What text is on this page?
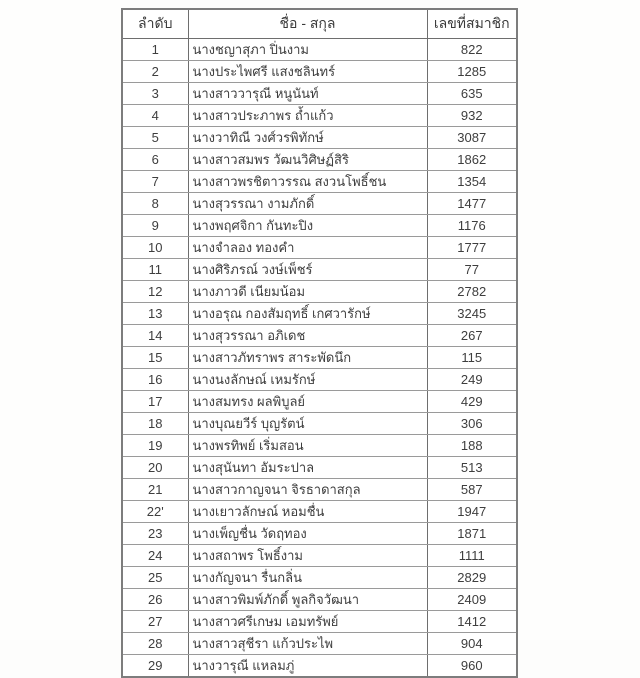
ลำดับ	ชื่อ - สกุล	เลขที่สมาชิก
1	นางชญาสุภา ปิ่นงาม	822
2	นางประไพศรี แสงชลินทร์	1285
3	นางสาววารุณี หนูนันท์	635
4	นางสาวประภาพร ถ้ำแก้ว	932
5	นางวาทิณี วงศ์วรพิทักษ์	3087
6	นางสาวสมพร วัฒนวิศิษฏ์สิริ	1862
7	นางสาวพรชิตาวรรณ สงวนโพธิ์ชน	1354
8	นางสุวรรณา งามภักดิ์	1477
9	นางพฤศจิกา กันทะปิง	1176
10	นางจำลอง ทองคำ	1777
11	นางศิริภรณ์ วงษ์เพ็ชร์	77
12	นางภาวดี เนียมน้อม	2782
13	นางอรุณ กองสัมฤทธิ์ เกศวารักษ์	3245
14	นางสุวรรณา อภิเดช	267
15	นางสาวภัทราพร สาระพัดนึก	115
16	นางนงลักษณ์ เหมรักษ์	249
17	นางสมทรง ผลพิบูลย์	429
18	นางบุณยวีร์ บุญรัตน์	306
19	นางพรทิพย์ เริ่มสอน	188
20	นางสุนันทา อัมระปาล	513
21	นางสาวกาญจนา จิรธาดาสกุล	587
22'	นางเยาวลักษณ์ หอมชื่น	1947
23	นางเพ็ญชื่น วัดฤทอง	1871
24	นางสถาพร โพธิ์งาม	1111
25	นางกัญจนา รื่นกลิ่น	2829
26	นางสาวพิมพ์ภักดิ์ พูลกิจวัฒนา	2409
27	นางสาวศรีเกษม เอมทรัพย์	1412
28	นางสาวสุชีรา แก้วประไพ	904
29	นางวารุณี แหลมภู่	960
